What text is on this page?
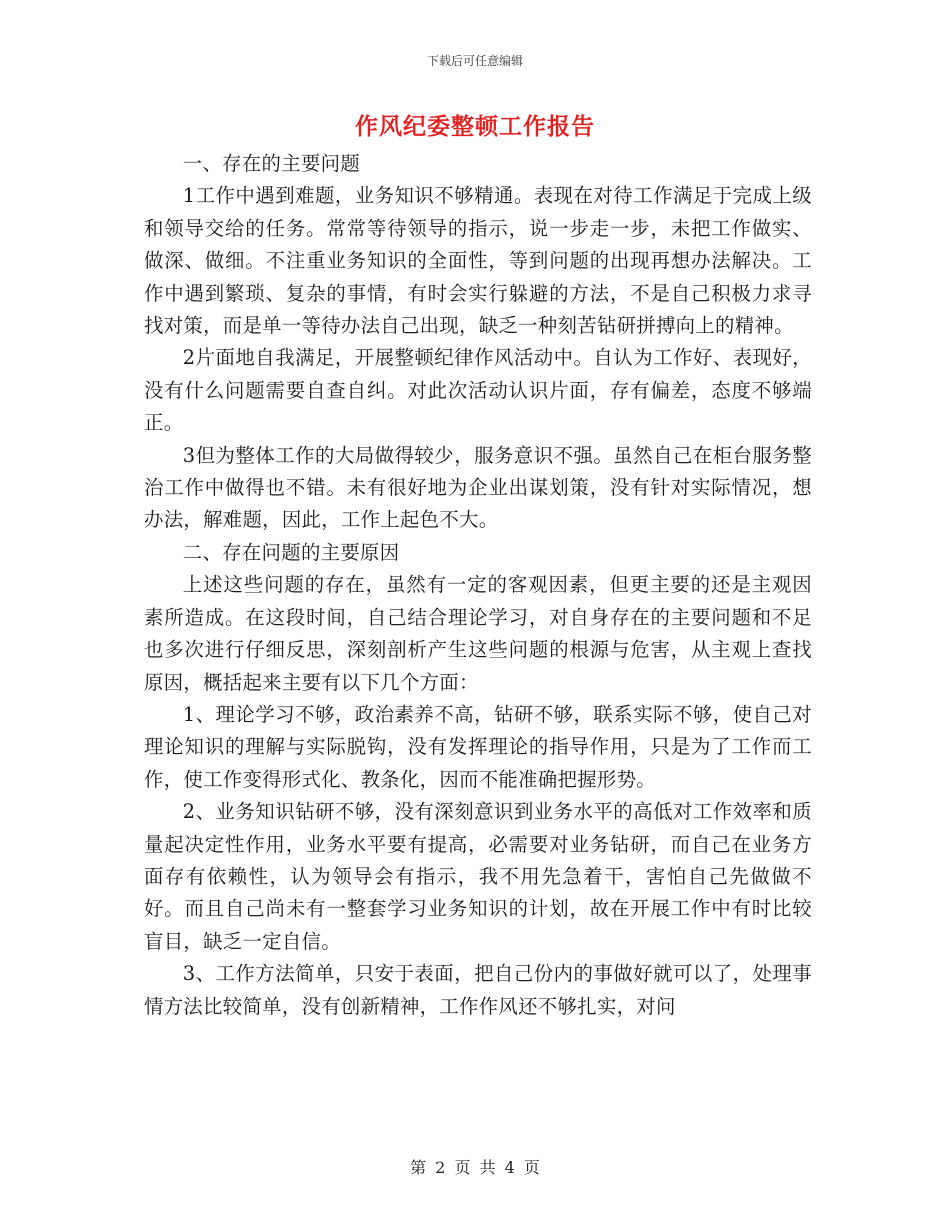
下载后可任意编辑
作风纪委整顿工作报告

一、存在的主要问题

1工作中遇到难题，业务知识不够精通。表现在对待工作满足于完成上级和领导交给的任务。常常等待领导的指示，说一步走一步，未把工作做实、做深、做细。不注重业务知识的全面性，等到问题的出现再想办法解决。工作中遇到繁琐、复杂的事情，有时会实行躲避的方法，不是自己积极力求寻找对策，而是单一等待办法自己出现，缺乏一种刻苦钻研拼搏向上的精神。

2片面地自我满足，开展整顿纪律作风活动中。自认为工作好、表现好，没有什么问题需要自查自纠。对此次活动认识片面，存有偏差，态度不够端正。

3但为整体工作的大局做得较少，服务意识不强。虽然自己在柜台服务整治工作中做得也不错。未有很好地为企业出谋划策，没有针对实际情况，想办法，解难题，因此，工作上起色不大。

二、存在问题的主要原因

上述这些问题的存在，虽然有一定的客观因素，但更主要的还是主观因素所造成。在这段时间，自己结合理论学习，对自身存在的主要问题和不足也多次进行仔细反思，深刻剖析产生这些问题的根源与危害，从主观上查找原因，概括起来主要有以下几个方面：

1、理论学习不够，政治素养不高，钻研不够，联系实际不够，使自己对理论知识的理解与实际脱钩，没有发挥理论的指导作用，只是为了工作而工作，使工作变得形式化、教条化，因而不能准确把握形势。

2、业务知识钻研不够，没有深刻意识到业务水平的高低对工作效率和质量起决定性作用，业务水平要有提高，必需要对业务钻研，而自己在业务方面存有依赖性，认为领导会有指示，我不用先急着干，害怕自己先做做不好。而且自己尚未有一整套学习业务知识的计划，故在开展工作中有时比较盲目，缺乏一定自信。

3、工作方法简单，只安于表面，把自己份内的事做好就可以了，处理事情方法比较简单，没有创新精神，工作作风还不够扎实，对问

第 2 页 共 4 页
